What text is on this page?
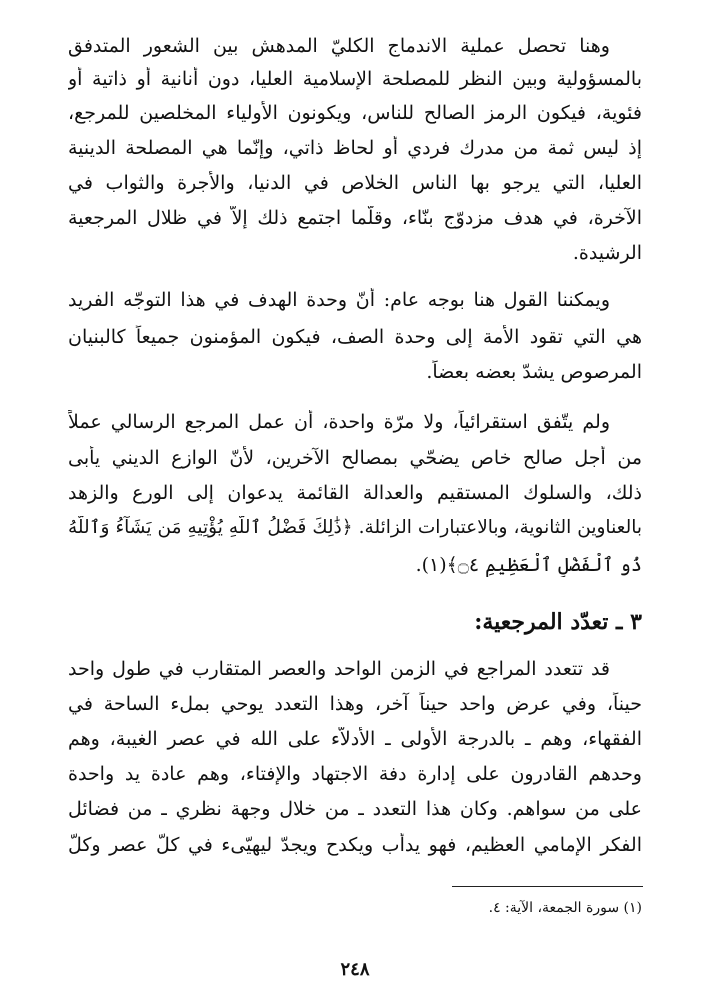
وهنا تحصل عملية الاندماج الكليّ المدهش بين الشعور المتدفق
بالمسؤولية وبين النظر للمصلحة الإسلامية العليا، دون أنانية أو ذاتية أو
فئوية، فيكون الرمز الصالح للناس، ويكونون الأولياء المخلصين للمرجع،
إذ ليس ثمة من مدرك فردي أو لحاظ ذاتي، وإنّما هي المصلحة الدينية
العليا، التي يرجو بها الناس الخلاص في الدنيا، والأجرة والثواب في
الآخرة، في هدف مزدوّج بنّاء، وقلّما اجتمع ذلك إلاّ في ظلال المرجعية
الرشيدة.
ويمكننا القول هنا بوجه عام: أنّ وحدة الهدف في هذا التوجّه الفريد
هي التي تقود الأمة إلى وحدة الصف، فيكون المؤمنون جميعاً كالبنيان
المرصوص يشدّ بعضه بعضاً.
ولم يتّفق استقرائياً، ولا مرّة واحدة، أن عمل المرجع الرسالي عملاً
من أجل صالح خاص يضحّي بمصالح الآخرين، لأنّ الوازع الديني يأبى
ذلك، والسلوك المستقيم والعدالة القائمة يدعوان إلى الورع والزهد
بالعناوين الثانوية، وبالاعتبارات الزائلة. ﴿ذَٰلِكَ فَضْلُ ٱللَّهِ يُؤْتِيهِ مَن يَشَآءُ وَٱللَّهُ
ذُو ٱلْفَضْلِ ٱلْعَظِيمِ ۝٤﴾(١).
٣ ـ تعدّد المرجعية:
قد تتعدد المراجع في الزمن الواحد والعصر المتقارب في طول واحد
حيناً، وفي عرض واحد حيناً آخر، وهذا التعدد يوحي بملء الساحة في
الفقهاء، وهم ـ بالدرجة الأولى ـ الأدلاّء على الله في عصر الغيبة، وهم
وحدهم القادرون على إدارة دفة الاجتهاد والإفتاء، وهم عادة يد واحدة
على من سواهم. وكان هذا التعدد ـ من خلال وجهة نظري ـ من فضائل
الفكر الإمامي العظيم، فهو يدأب ويكدح ويجدّ ليهيّىء في كلّ عصر وكلّ
(١) سورة الجمعة، الآية: ٤.
٢٤٨
